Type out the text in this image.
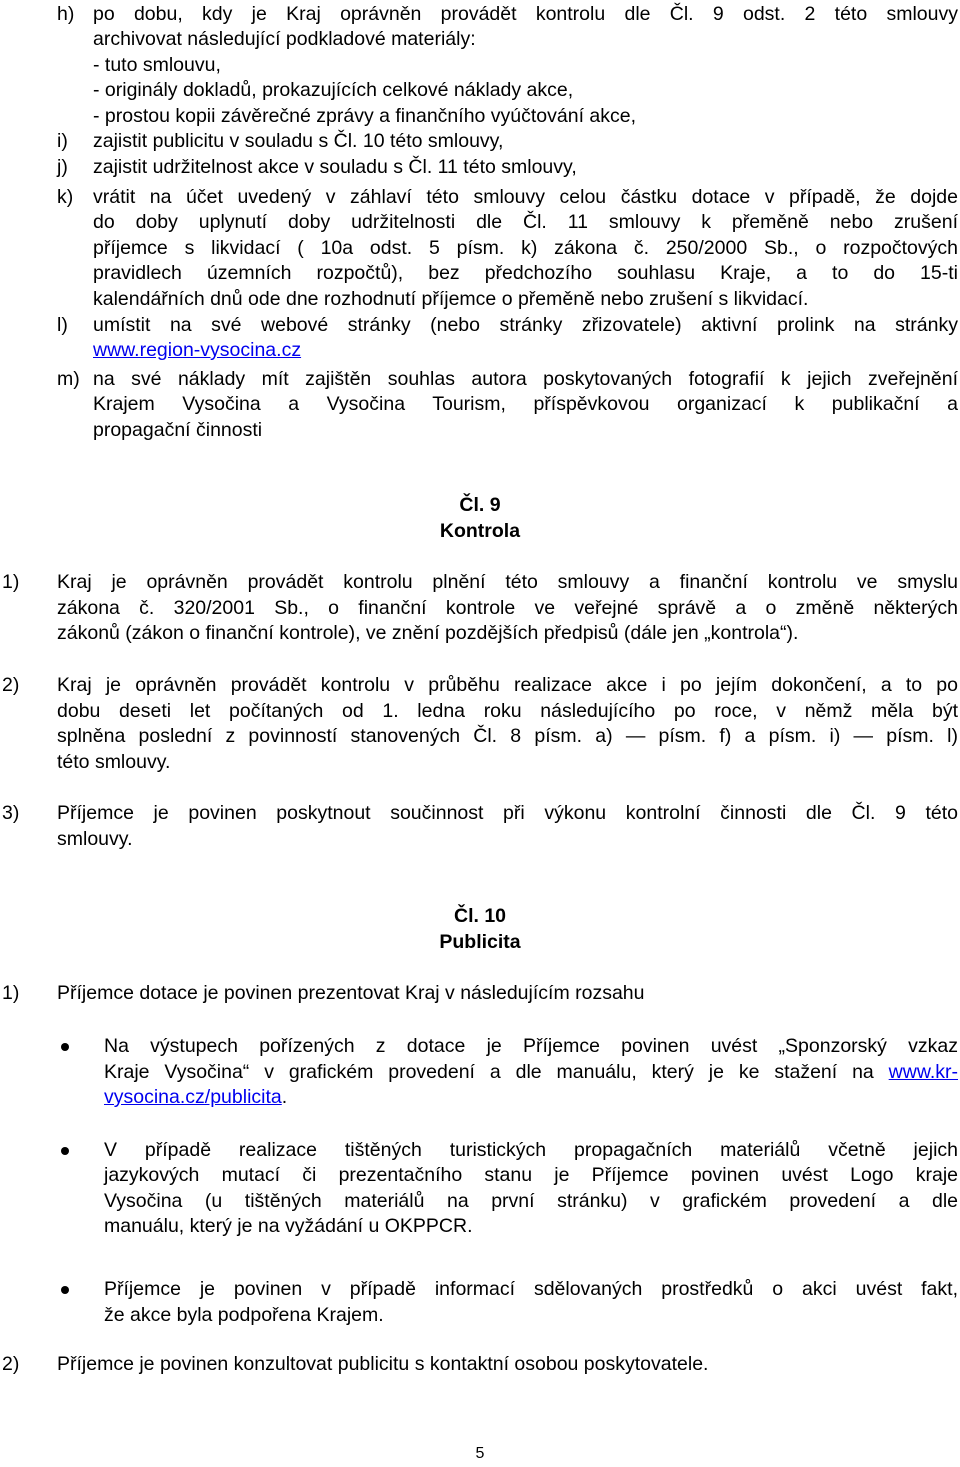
h) po dobu, kdy je Kraj oprávněn provádět kontrolu dle Čl. 9 odst. 2 této smlouvy
archivovat následující podkladové materiály:
- tuto smlouvu,
- originály dokladů, prokazujících celkové náklady akce,
- prostou kopii závěrečné zprávy a finančního vyúčtování akce,
i) zajistit publicitu v souladu s Čl. 10 této smlouvy,
j) zajistit udržitelnost akce v souladu s Čl. 11 této smlouvy,
k) vrátit na účet uvedený v záhlaví této smlouvy celou částku dotace v případě, že dojde
do doby uplynutí doby udržitelnosti dle Čl. 11 smlouvy k přeměně nebo zrušení
příjemce s likvidací ( 10a odst. 5 písm. k) zákona č. 250/2000 Sb., o rozpočtových
pravidlech územních rozpočtů), bez předchozího souhlasu Kraje, a to do 15-ti
kalendářních dnů ode dne rozhodnutí příjemce o přeměně nebo zrušení s likvidací.
l) umístit na své webové stránky (nebo stránky zřizovatele) aktivní prolink na stránky
www.region-vysocina.cz
m) na své náklady mít zajištěn souhlas autora poskytovaných fotografií k jejich zveřejnění
Krajem Vysočina a Vysočina Tourism, příspěvkovou organizací k publikační a
propagační činnosti
Čl. 9
Kontrola
1) Kraj je oprávněn provádět kontrolu plnění této smlouvy a finanční kontrolu ve smyslu
zákona č. 320/2001 Sb., o finanční kontrole ve veřejné správě a o změně některých
zákonů (zákon o finanční kontrole), ve znění pozdějších předpisů (dále jen „kontrola“).
2) Kraj je oprávněn provádět kontrolu v průběhu realizace akce i po jejím dokončení, a to po
dobu deseti let počítaných od 1. ledna roku následujícího po roce, v němž měla být
splněna poslední z povinností stanovených Čl. 8 písm. a) — písm. f) a písm. i) — písm. l)
této smlouvy.
3) Příjemce je povinen poskytnout součinnost při výkonu kontrolní činnosti dle Čl. 9 této
smlouvy.
Čl. 10
Publicita
1) Příjemce dotace je povinen prezentovat Kraj v následujícím rozsahu
Na výstupech pořízených z dotace je Příjemce povinen uvést „Sponzorský vzkaz
Kraje Vysočina“ v grafickém provedení a dle manuálu, který je ke stažení na www.kr-
vysocina.cz/publicita.
V případě realizace tištěných turistických propagačních materiálů včetně jejich
jazykových mutací či prezentačního stanu je Příjemce povinen uvést Logo kraje
Vysočina (u tištěných materiálů na první stránku) v grafickém provedení a dle
manuálu, který je na vyžádání u OKPPCR.
Příjemce je povinen v případě informací sdělovaných prostředků o akci uvést fakt,
že akce byla podpořena Krajem.
2) Příjemce je povinen konzultovat publicitu s kontaktní osobou poskytovatele.
5
